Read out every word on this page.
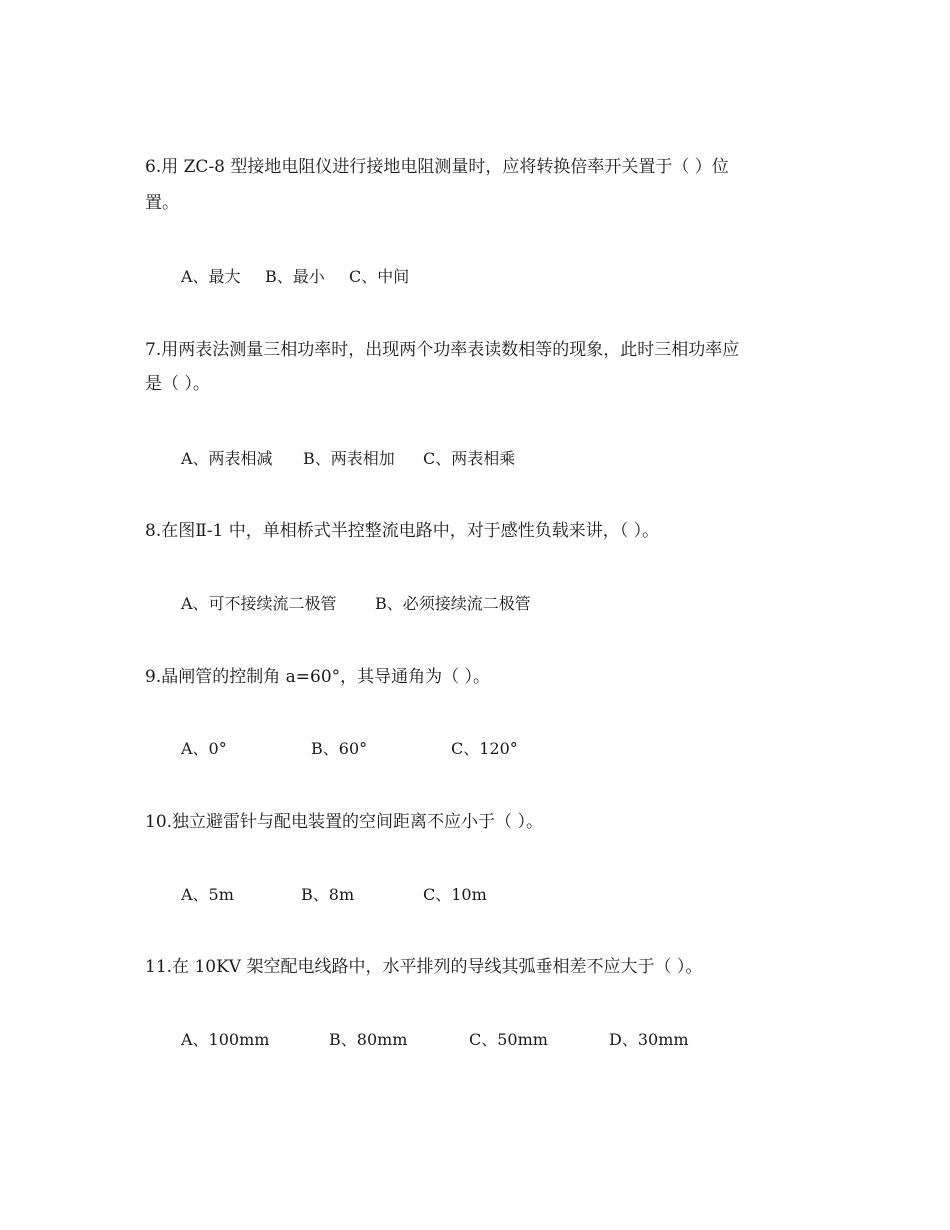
6.用 ZC-8 型接地电阻仪进行接地电阻测量时，应将转换倍率开关置于（ ）位
置。
A、最大 B、最小 C、中间
7.用两表法测量三相功率时，出现两个功率表读数相等的现象，此时三相功率应
是（ ）。
A、两表相减 B、两表相加 C、两表相乘
8.在图Ⅱ-1 中，单相桥式半控整流电路中，对于感性负载来讲，（ ）。
A、可不接续流二极管 B、必须接续流二极管
9.晶闸管的控制角 a=60°，其导通角为（ ）。
A、0°	B、60°	C、120°
10.独立避雷针与配电装置的空间距离不应小于（ ）。
A、5m	B、8m	C、10m
11.在 10KV 架空配电线路中，水平排列的导线其弧垂相差不应大于（ ）。
A、100mm	B、80mm	C、50mm	D、30mm
